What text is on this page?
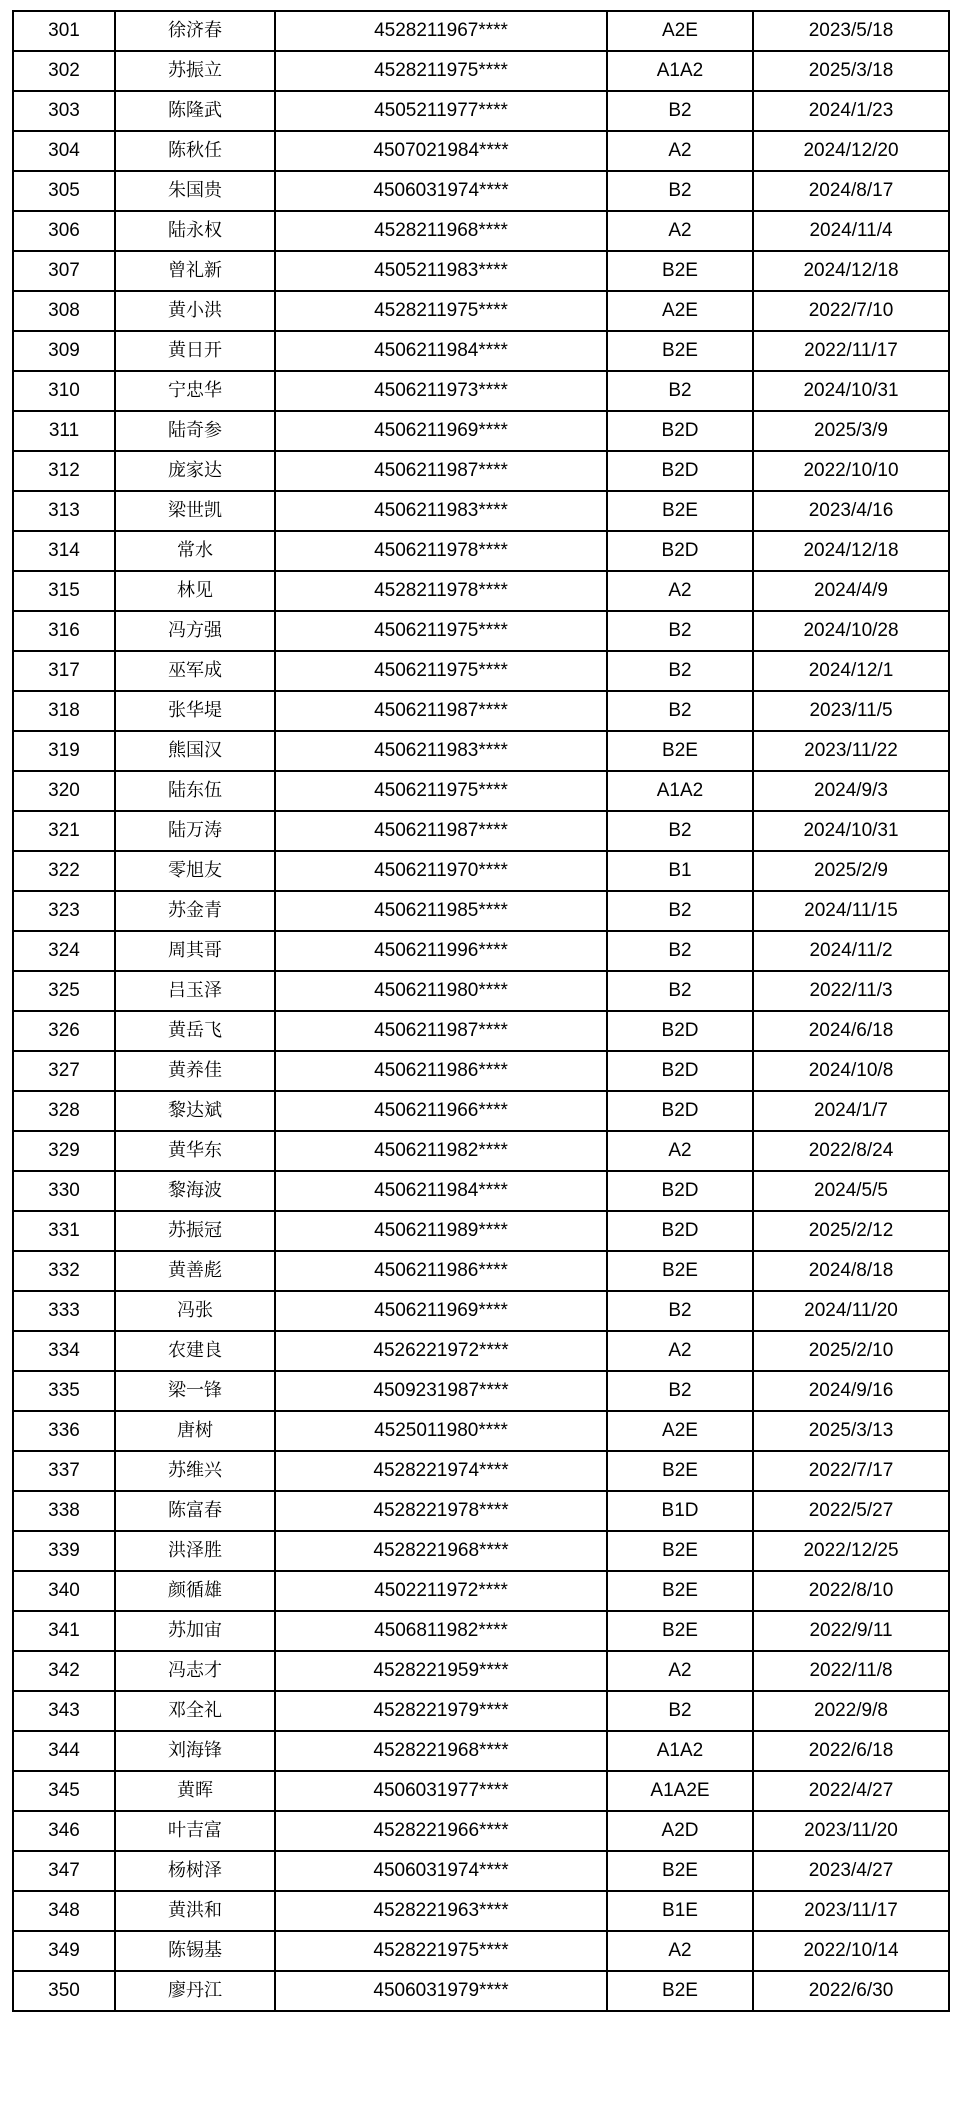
301	徐济春	4528211967****	A2E	2023/5/18
302	苏振立	4528211975****	A1A2	2025/3/18
303	陈隆武	4505211977****	B2	2024/1/23
304	陈秋任	4507021984****	A2	2024/12/20
305	朱国贵	4506031974****	B2	2024/8/17
306	陆永权	4528211968****	A2	2024/11/4
307	曾礼新	4505211983****	B2E	2024/12/18
308	黄小洪	4528211975****	A2E	2022/7/10
309	黄日开	4506211984****	B2E	2022/11/17
310	宁忠华	4506211973****	B2	2024/10/31
311	陆奇参	4506211969****	B2D	2025/3/9
312	庞家达	4506211987****	B2D	2022/10/10
313	梁世凯	4506211983****	B2E	2023/4/16
314	常水	4506211978****	B2D	2024/12/18
315	林见	4528211978****	A2	2024/4/9
316	冯方强	4506211975****	B2	2024/10/28
317	巫军成	4506211975****	B2	2024/12/1
318	张华堤	4506211987****	B2	2023/11/5
319	熊国汉	4506211983****	B2E	2023/11/22
320	陆东伍	4506211975****	A1A2	2024/9/3
321	陆万涛	4506211987****	B2	2024/10/31
322	零旭友	4506211970****	B1	2025/2/9
323	苏金青	4506211985****	B2	2024/11/15
324	周其哥	4506211996****	B2	2024/11/2
325	吕玉泽	4506211980****	B2	2022/11/3
326	黄岳飞	4506211987****	B2D	2024/6/18
327	黄养佳	4506211986****	B2D	2024/10/8
328	黎达斌	4506211966****	B2D	2024/1/7
329	黄华东	4506211982****	A2	2022/8/24
330	黎海波	4506211984****	B2D	2024/5/5
331	苏振冠	4506211989****	B2D	2025/2/12
332	黄善彪	4506211986****	B2E	2024/8/18
333	冯张	4506211969****	B2	2024/11/20
334	农建良	4526221972****	A2	2025/2/10
335	梁一锋	4509231987****	B2	2024/9/16
336	唐树	4525011980****	A2E	2025/3/13
337	苏维兴	4528221974****	B2E	2022/7/17
338	陈富春	4528221978****	B1D	2022/5/27
339	洪泽胜	4528221968****	B2E	2022/12/25
340	颜循雄	4502211972****	B2E	2022/8/10
341	苏加宙	4506811982****	B2E	2022/9/11
342	冯志才	4528221959****	A2	2022/11/8
343	邓全礼	4528221979****	B2	2022/9/8
344	刘海锋	4528221968****	A1A2	2022/6/18
345	黄晖	4506031977****	A1A2E	2022/4/27
346	叶吉富	4528221966****	A2D	2023/11/20
347	杨树泽	4506031974****	B2E	2023/4/27
348	黄洪和	4528221963****	B1E	2023/11/17
349	陈锡基	4528221975****	A2	2022/10/14
350	廖丹江	4506031979****	B2E	2022/6/30
